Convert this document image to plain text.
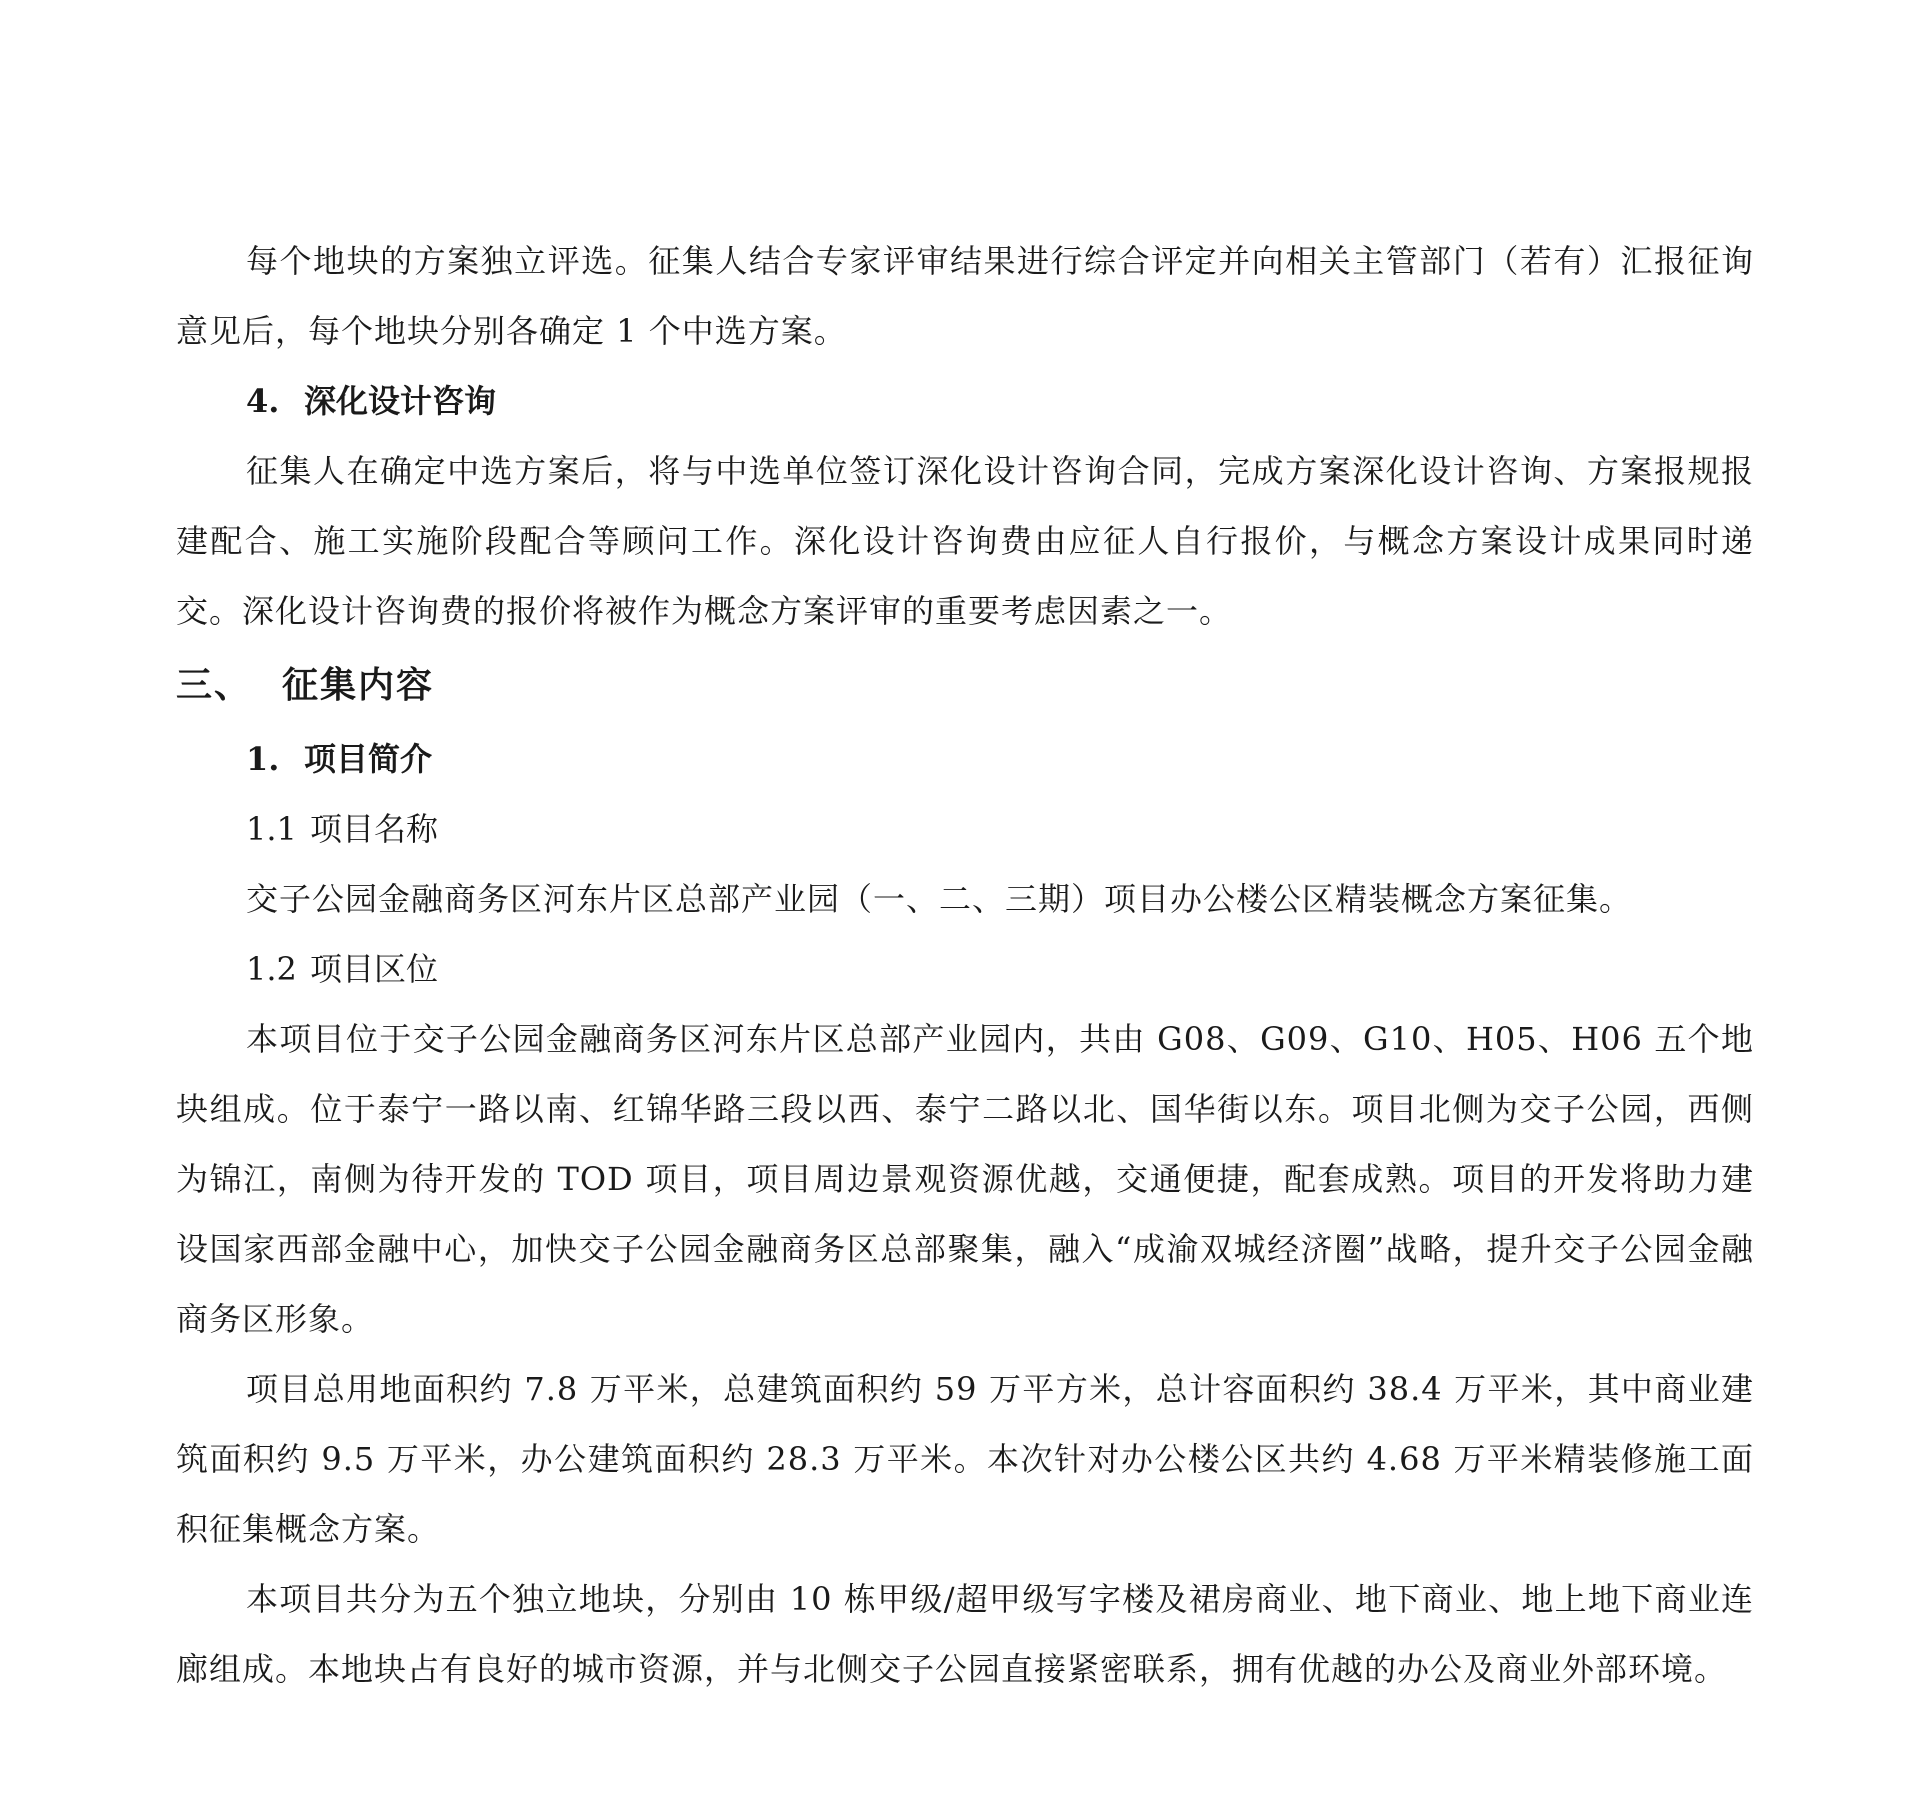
每个地块的方案独立评选。征集人结合专家评审结果进行综合评定并向相关主管部门（若有）汇报征询意见后，每个地块分别各确定 1 个中选方案。

4. 深化设计咨询

征集人在确定中选方案后，将与中选单位签订深化设计咨询合同，完成方案深化设计咨询、方案报规报建配合、施工实施阶段配合等顾问工作。深化设计咨询费由应征人自行报价，与概念方案设计成果同时递交。深化设计咨询费的报价将被作为概念方案评审的重要考虑因素之一。

三、 征集内容
1. 项目简介
1.1 项目名称

交子公园金融商务区河东片区总部产业园（一、二、三期）项目办公楼公区精装概念方案征集。

1.2 项目区位

本项目位于交子公园金融商务区河东片区总部产业园内，共由 G08、G09、G10、H05、H06 五个地块组成。位于泰宁一路以南、红锦华路三段以西、泰宁二路以北、国华街以东。项目北侧为交子公园，西侧为锦江，南侧为待开发的 TOD 项目，项目周边景观资源优越，交通便捷，配套成熟。项目的开发将助力建设国家西部金融中心，加快交子公园金融商务区总部聚集，融入“成渝双城经济圈”战略，提升交子公园金融商务区形象。

项目总用地面积约 7.8 万平米，总建筑面积约 59 万平方米，总计容面积约 38.4 万平米，其中商业建筑面积约 9.5 万平米，办公建筑面积约 28.3 万平米。本次针对办公楼公区共约 4.68 万平米精装修施工面积征集概念方案。

本项目共分为五个独立地块，分别由 10 栋甲级/超甲级写字楼及裙房商业、地下商业、地上地下商业连廊组成。本地块占有良好的城市资源，并与北侧交子公园直接紧密联系，拥有优越的办公及商业外部环境。
